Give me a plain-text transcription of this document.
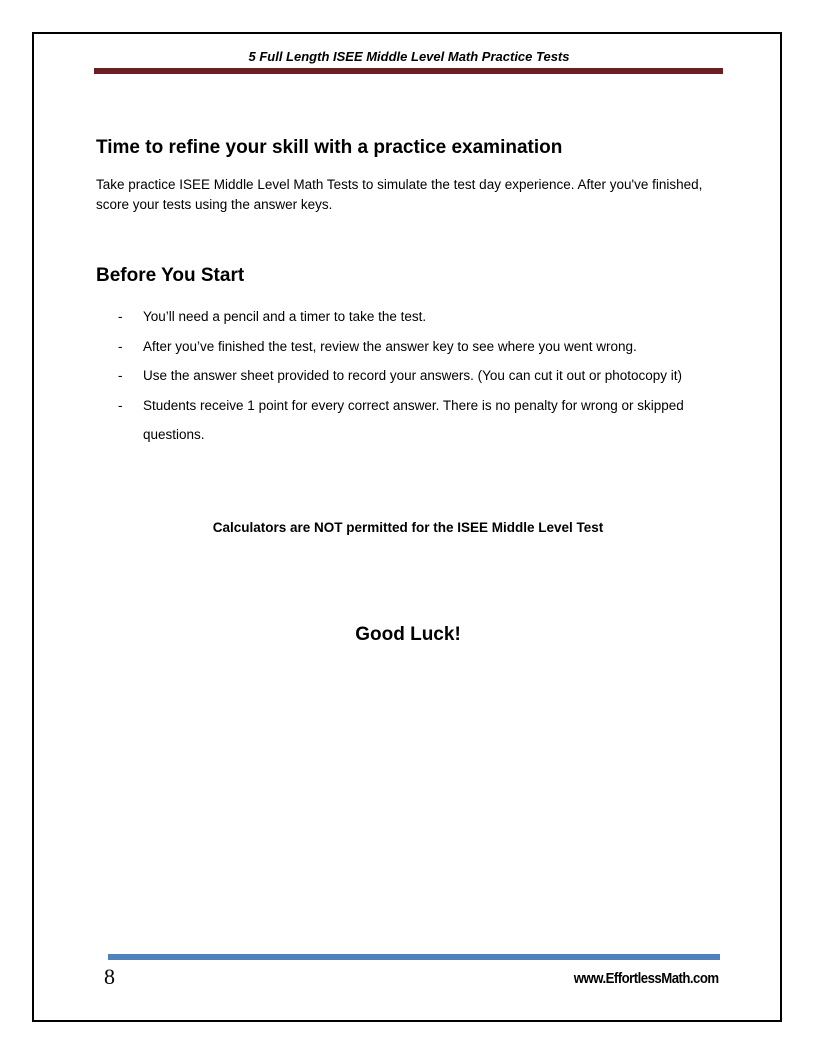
5 Full Length ISEE Middle Level Math Practice Tests
Time to refine your skill with a practice examination
Take practice ISEE Middle Level Math Tests to simulate the test day experience. After you've finished, score your tests using the answer keys.
Before You Start
- You’ll need a pencil and a timer to take the test.
- After you’ve finished the test, review the answer key to see where you went wrong.
- Use the answer sheet provided to record your answers. (You can cut it out or photocopy it)
- Students receive 1 point for every correct answer. There is no penalty for wrong or skipped questions.
Calculators are NOT permitted for the ISEE Middle Level Test
Good Luck!
8	www.EffortlessMath.com
